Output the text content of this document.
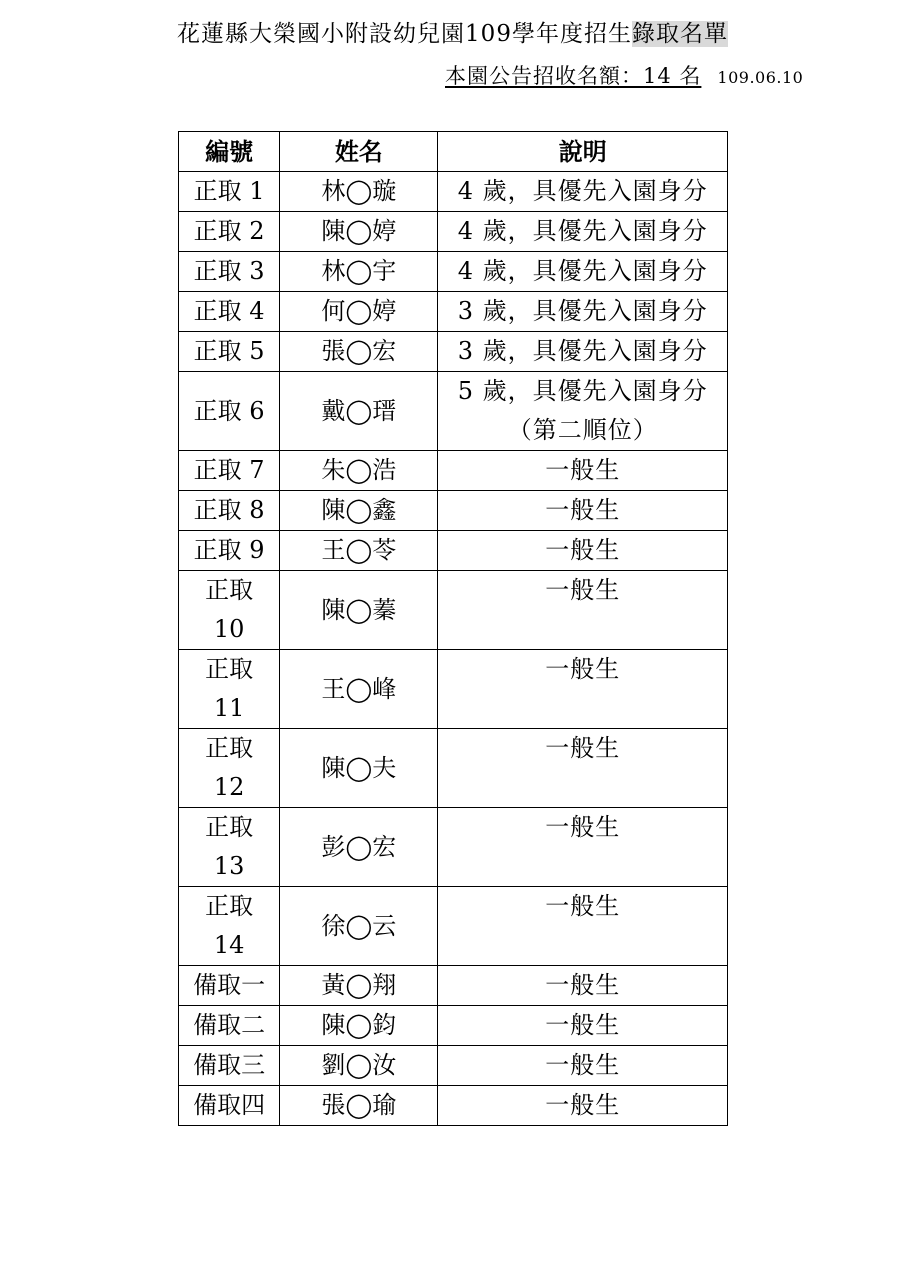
花蓮縣大榮國小附設幼兒園109學年度招生錄取名單
本園公告招收名額：14 名 109.06.10
編號	姓名	說明
正取 1	林◯璇	4 歲，具優先入園身分
正取 2	陳◯婷	4 歲，具優先入園身分
正取 3	林◯宇	4 歲，具優先入園身分
正取 4	何◯婷	3 歲，具優先入園身分
正取 5	張◯宏	3 歲，具優先入園身分
正取 6	戴◯瑨	5 歲，具優先入園身分
（第二順位）

正取 7	朱◯浩	一般生
正取 8	陳◯鑫	一般生
正取 9	王◯苓	一般生

正取
10	陳◯蓁	一般生

正取
11	王◯峰	一般生

正取
12	陳◯夫	一般生

正取
13	彭◯宏	一般生

正取
14	徐◯云	一般生
備取一	黃◯翔	一般生
備取二	陳◯鈞	一般生
備取三	劉◯汝	一般生
備取四	張◯瑜	一般生
